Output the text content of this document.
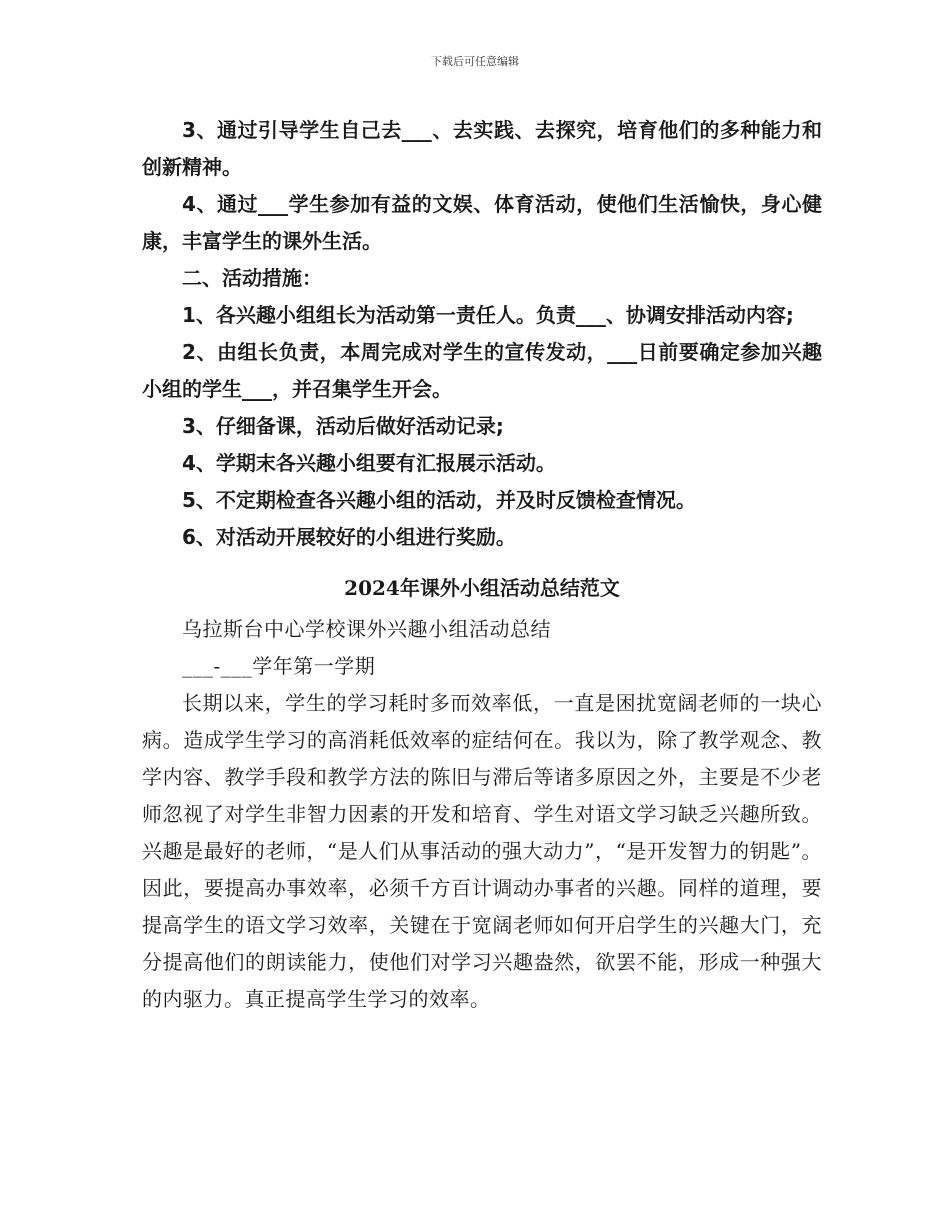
下载后可任意编辑

3、通过引导学生自己去___、去实践、去探究，培育他们的多种能力和创新精神。

4、通过___学生参加有益的文娱、体育活动，使他们生活愉快，身心健康，丰富学生的课外生活。

二、活动措施：

1、各兴趣小组组长为活动第一责任人。负责___、协调安排活动内容;

2、由组长负责，本周完成对学生的宣传发动，___日前要确定参加兴趣小组的学生___，并召集学生开会。

3、仔细备课，活动后做好活动记录;

4、学期末各兴趣小组要有汇报展示活动。

5、不定期检查各兴趣小组的活动，并及时反馈检查情况。

6、对活动开展较好的小组进行奖励。

2024年课外小组活动总结范文

乌拉斯台中心学校课外兴趣小组活动总结

___-___学年第一学期

长期以来，学生的学习耗时多而效率低，一直是困扰宽阔老师的一块心病。造成学生学习的高消耗低效率的症结何在。我以为，除了教学观念、教学内容、教学手段和教学方法的陈旧与滞后等诸多原因之外，主要是不少老师忽视了对学生非智力因素的开发和培育、学生对语文学习缺乏兴趣所致。兴趣是最好的老师，“是人们从事活动的强大动力”，“是开发智力的钥匙”。因此，要提高办事效率，必须千方百计调动办事者的兴趣。同样的道理，要提高学生的语文学习效率，关键在于宽阔老师如何开启学生的兴趣大门，充分提高他们的朗读能力，使他们对学习兴趣盎然，欲罢不能，形成一种强大的内驱力。真正提高学生学习的效率。
